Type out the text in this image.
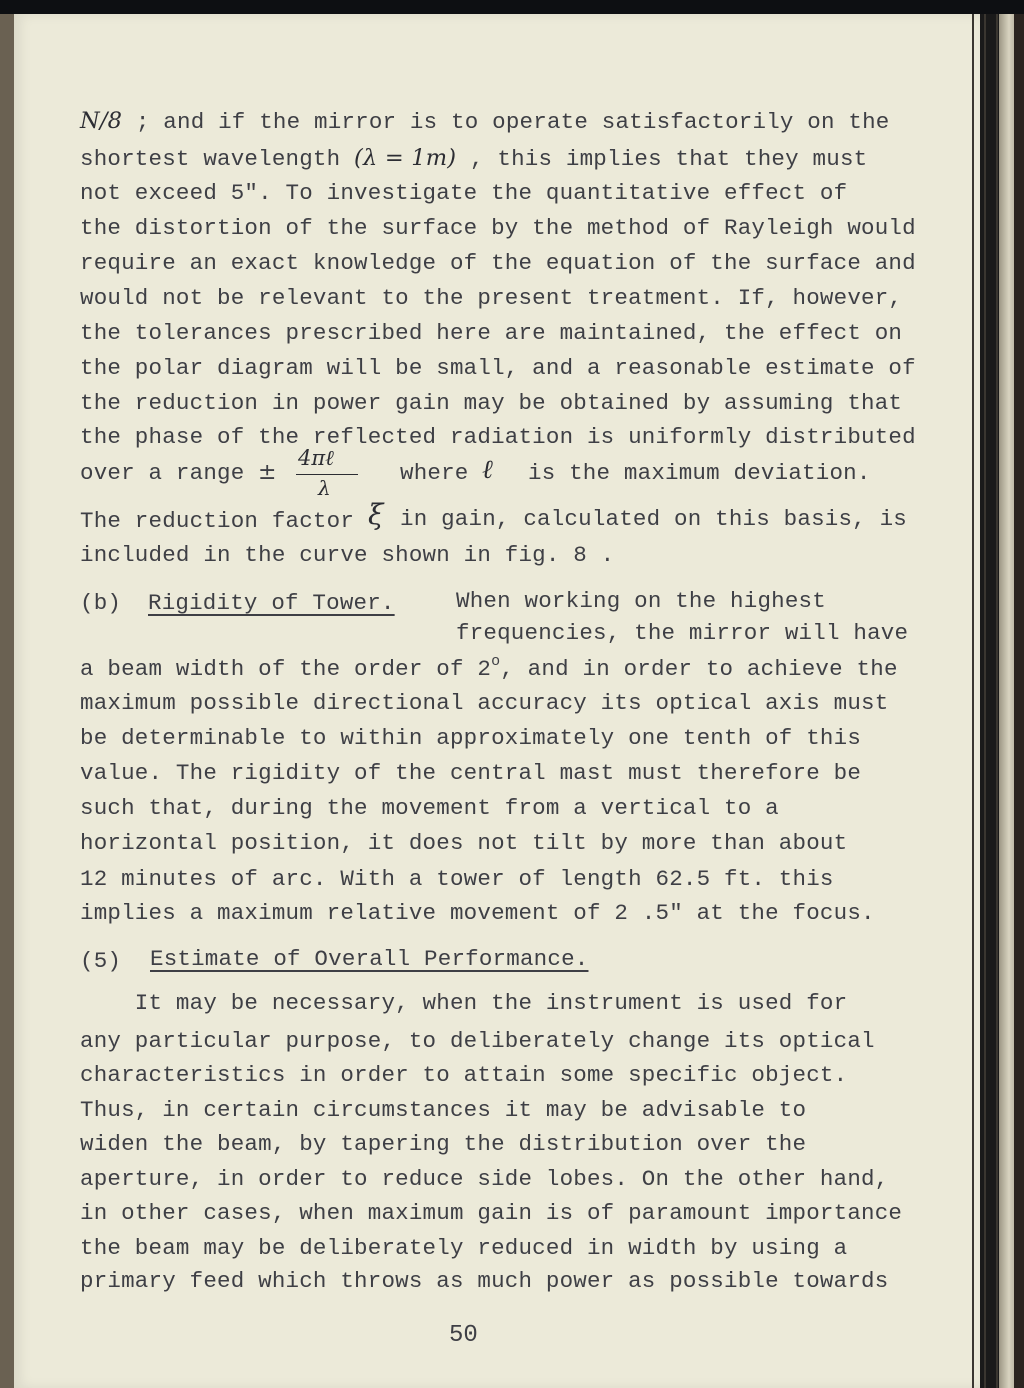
N/8 ; and if the mirror is to operate satisfactorily on the

shortest wavelength (λ = 1m) , this implies that they must

not exceed 5". To investigate the quantitative effect of

the distortion of the surface by the method of Rayleigh would

require an exact knowledge of the equation of the surface and

would not be relevant to the present treatment. If, however,

the tolerances prescribed here are maintained, the effect on

the polar diagram will be small, and a reasonable estimate of

the reduction in power gain may be obtained by assuming that

the phase of the reflected radiation is uniformly distributed

over a range ±
4πℓ
λ

where ℓ is the maximum deviation.

The reduction factor ξ in gain, calculated on this basis, is

included in the curve shown in fig. 8 .

(b) Rigidity of Tower.	When working on the highest

frequencies, the mirror will have

a beam width of the order of 2$^o$, and in order to achieve the

maximum possible directional accuracy its optical axis must

be determinable to within approximately one tenth of this

value. The rigidity of the central mast must therefore be

such that, during the movement from a vertical to a

horizontal position, it does not tilt by more than about

12 minutes of arc. With a tower of length 62.5 ft. this

implies a maximum relative movement of 2 .5" at the focus.

(5) Estimate of Overall Performance.

It may be necessary, when the instrument is used for

any particular purpose, to deliberately change its optical

characteristics in order to attain some specific object.

Thus, in certain circumstances it may be advisable to

widen the beam, by tapering the distribution over the

aperture, in order to reduce side lobes. On the other hand,

in other cases, when maximum gain is of paramount importance

the beam may be deliberately reduced in width by using a

primary feed which throws as much power as possible towards

50
